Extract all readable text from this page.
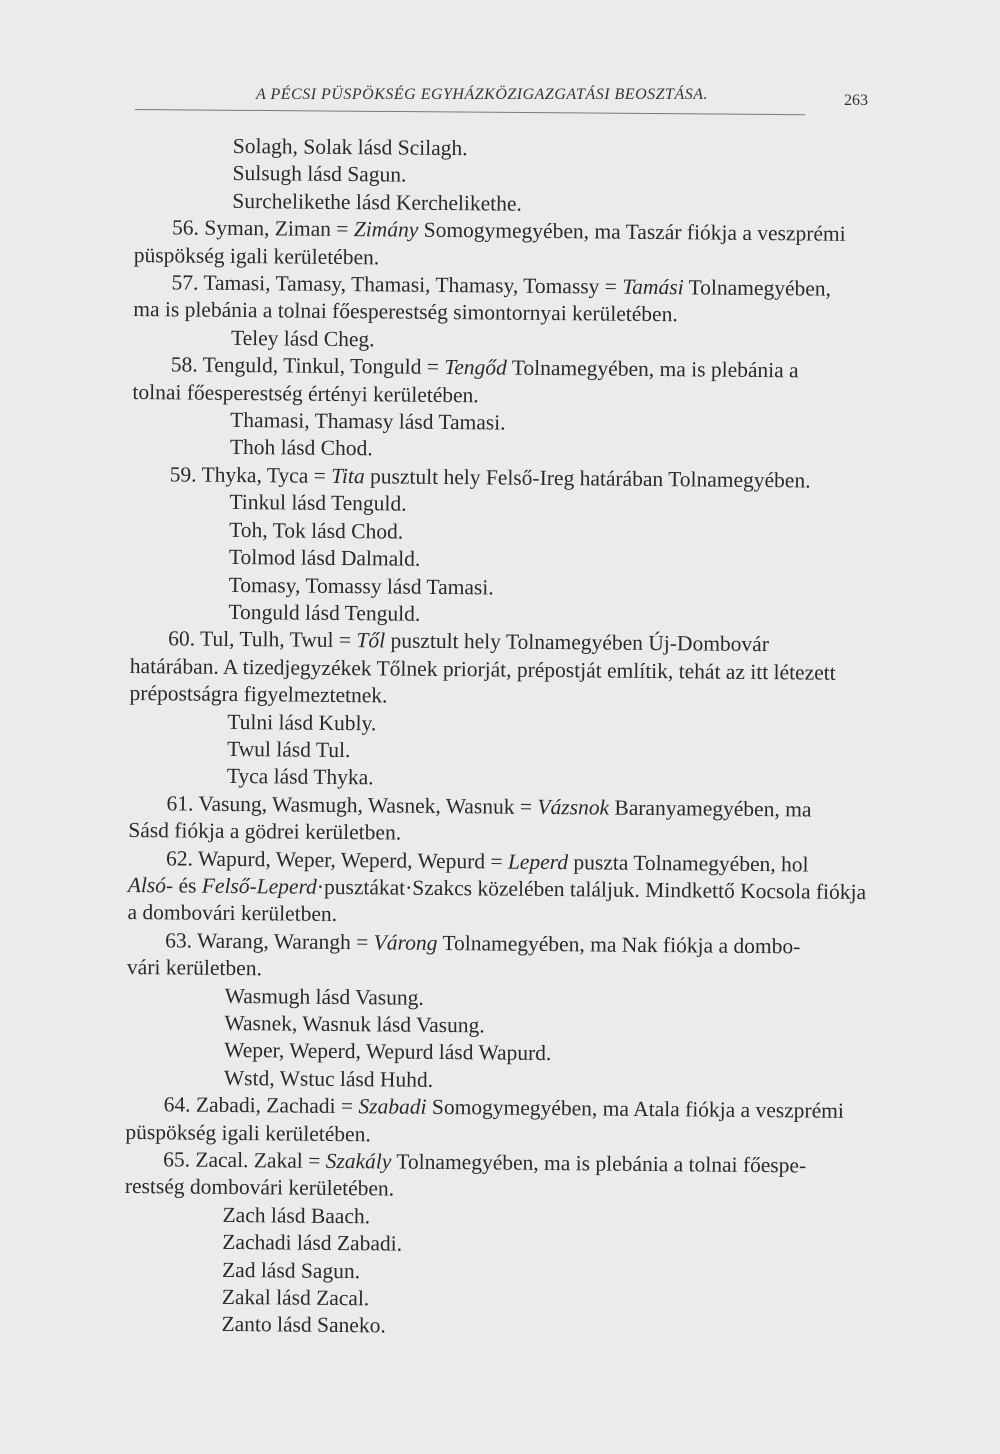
A PÉCSI PÜSPÖKSÉG EGYHÁZKÖZIGAZGATÁSI BEOSZTÁSA.	263
Solagh, Solak lásd Scilagh.
Sulsugh lásd Sagun.
Surchelikethe lásd Kerchelikethe.
56. Syman, Ziman = Zimány Somogymegyében, ma Taszár fiókja a veszprémi
püspökség igali kerületében.
57. Tamasi, Tamasy, Thamasi, Thamasy, Tomassy = Tamási Tolnamegyében,
ma is plebánia a tolnai főesperestség simontornyai kerületében.
Teley lásd Cheg.
58. Tenguld, Tinkul, Tonguld = Tengőd Tolnamegyében, ma is plebánia a
tolnai főesperestség értényi kerületében.
Thamasi, Thamasy lásd Tamasi.
Thoh lásd Chod.
59. Thyka, Tyca = Tita pusztult hely Felső-Ireg határában Tolnamegyében.
Tinkul lásd Tenguld.
Toh, Tok lásd Chod.
Tolmod lásd Dalmald.
Tomasy, Tomassy lásd Tamasi.
Tonguld lásd Tenguld.
60. Tul, Tulh, Twul = Től pusztult hely Tolnamegyében Új-Dombovár
határában. A tizedjegyzékek Tőlnek priorját, prépostját említik, tehát az itt létezett
prépostságra figyelmeztetnek.
Tulni lásd Kubly.
Twul lásd Tul.
Tyca lásd Thyka.
61. Vasung, Wasmugh, Wasnek, Wasnuk = Vázsnok Baranyamegyében, ma
Sásd fiókja a gödrei kerületben.
62. Wapurd, Weper, Weperd, Wepurd = Leperd puszta Tolnamegyében, hol
Alsó- és Felső-Leperd·pusztákat·Szakcs közelében találjuk. Mindkettő Kocsola fiókja
a dombovári kerületben.
63. Warang, Warangh = Várong Tolnamegyében, ma Nak fiókja a dombo-
vári kerületben.
Wasmugh lásd Vasung.
Wasnek, Wasnuk lásd Vasung.
Weper, Weperd, Wepurd lásd Wapurd.
Wstd, Wstuc lásd Huhd.
64. Zabadi, Zachadi = Szabadi Somogymegyében, ma Atala fiókja a veszprémi
püspökség igali kerületében.
65. Zacal. Zakal = Szakály Tolnamegyében, ma is plebánia a tolnai főespe-
restség dombovári kerületében.
Zach lásd Baach.
Zachadi lásd Zabadi.
Zad lásd Sagun.
Zakal lásd Zacal.
Zanto lásd Saneko.
